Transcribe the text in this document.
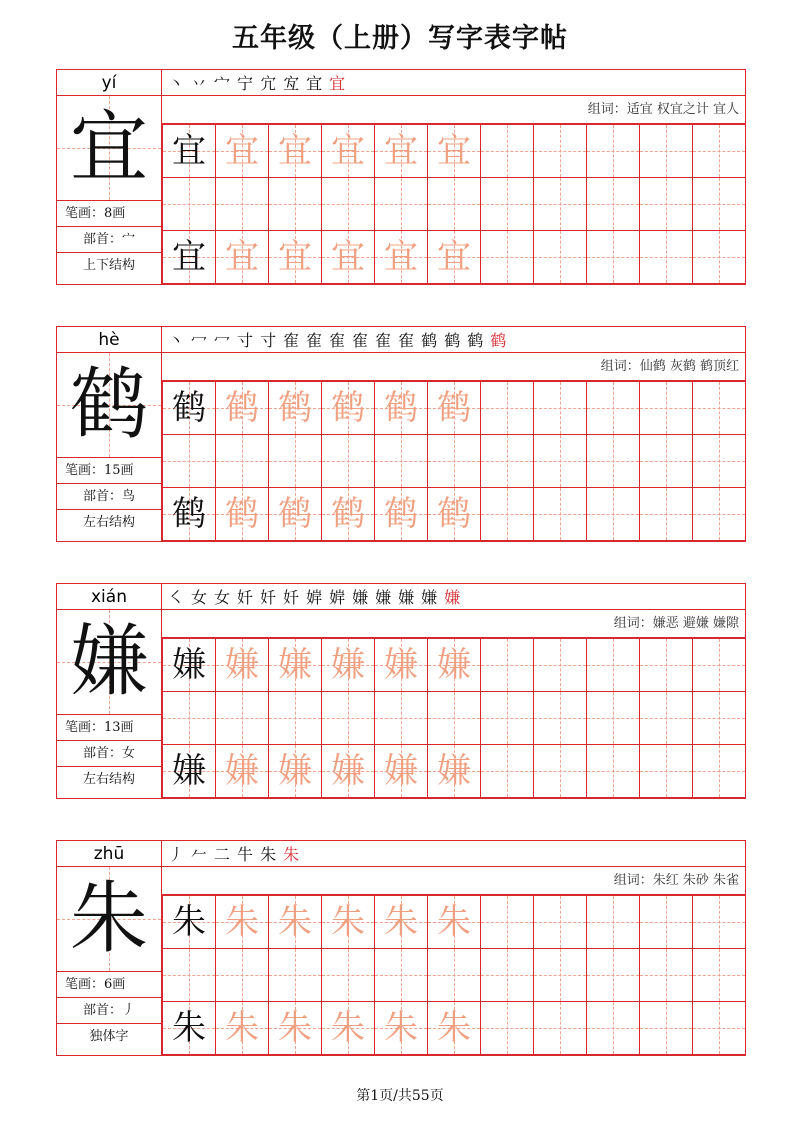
五年级（上册）写字表字帖
yí
宜
笔画：8画
部首：宀
上下结构
丶 丷 宀 宁 宂 宐 宜 宜
组词：适宜 权宜之计 宜人
宜 宜 宜 宜 宜 宜
宜 宜 宜 宜 宜 宜
hè
鹤
笔画：15画
部首：鸟
左右结构
丶 冖 冖 寸 寸 隺 隺 隺 隺 隺 隺 鹤 鹤 鹤 鹤
组词：仙鹤 灰鹤 鹤顶红
鹤 鹤 鹤 鹤 鹤 鹤
鹤 鹤 鹤 鹤 鹤 鹤
xián
嫌
笔画：13画
部首：女
左右结构
㇛ 女 女 奷 奷 奷 婩 婩 嫌 嫌 嫌 嫌 嫌
组词：嫌恶 避嫌 嫌隙
嫌 嫌 嫌 嫌 嫌 嫌
嫌 嫌 嫌 嫌 嫌 嫌
zhū
朱
笔画：6画
部首：丿
独体字
丿 𠂉 二 牛 朱 朱
组词：朱红 朱砂 朱雀
朱 朱 朱 朱 朱 朱
朱 朱 朱 朱 朱 朱
第1页/共55页
